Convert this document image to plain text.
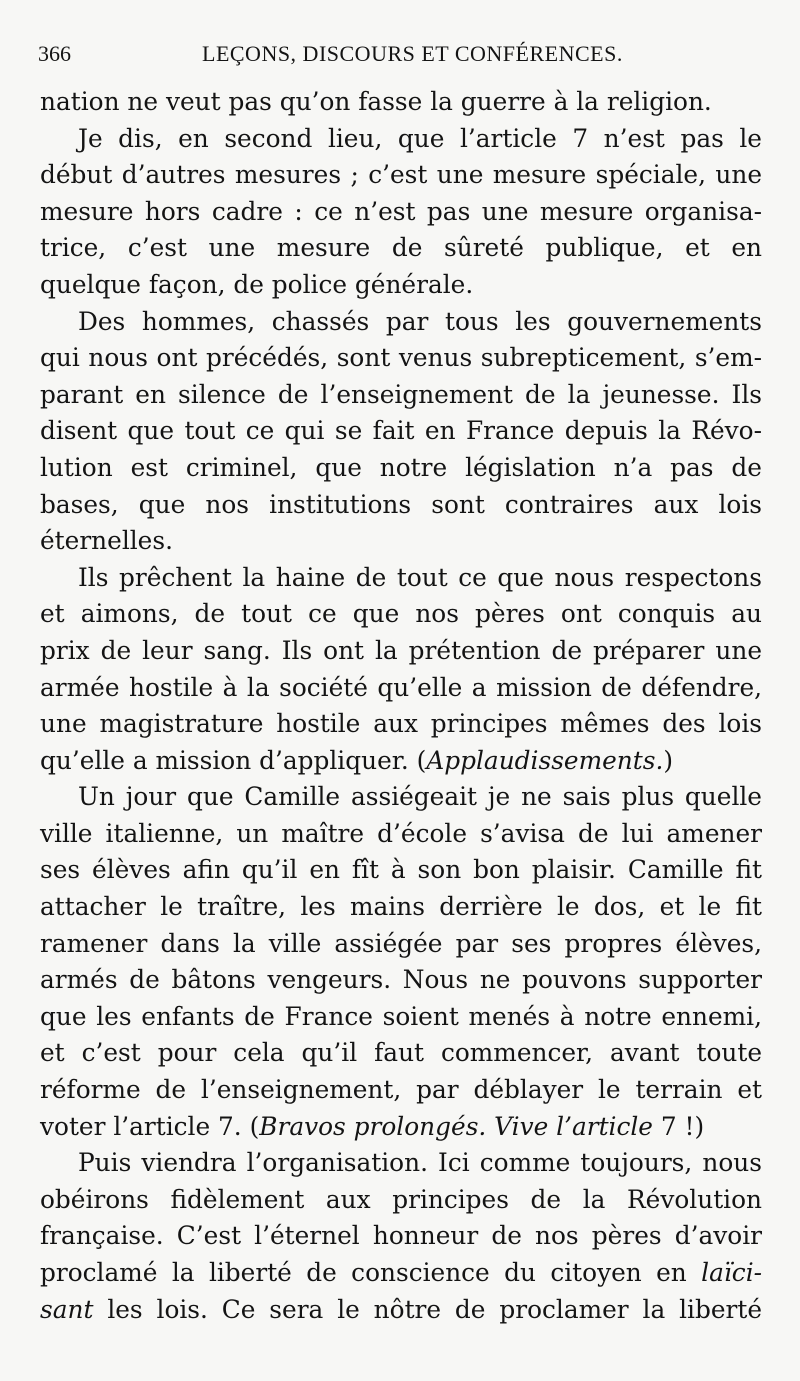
366	LEÇONS, DISCOURS ET CONFÉRENCES.

nation ne veut pas qu’on fasse la guerre à la religion.

Je dis, en second lieu, que l’article 7 n’est pas le
début d’autres mesures ; c’est une mesure spéciale, une
mesure hors cadre : ce n’est pas une mesure organisa-
trice, c’est une mesure de sûreté publique, et en
quelque façon, de police générale.

Des hommes, chassés par tous les gouvernements
qui nous ont précédés, sont venus subrepticement, s’em-
parant en silence de l’enseignement de la jeunesse. Ils
disent que tout ce qui se fait en France depuis la Révo-
lution est criminel, que notre législation n’a pas de
bases, que nos institutions sont contraires aux lois
éternelles.

Ils prêchent la haine de tout ce que nous respectons
et aimons, de tout ce que nos pères ont conquis au
prix de leur sang. Ils ont la prétention de préparer une
armée hostile à la société qu’elle a mission de défendre,
une magistrature hostile aux principes mêmes des lois
qu’elle a mission d’appliquer. (Applaudissements.)

Un jour que Camille assiégeait je ne sais plus quelle
ville italienne, un maître d’école s’avisa de lui amener
ses élèves afin qu’il en fît à son bon plaisir. Camille fit
attacher le traître, les mains derrière le dos, et le fit
ramener dans la ville assiégée par ses propres élèves,
armés de bâtons vengeurs. Nous ne pouvons supporter
que les enfants de France soient menés à notre ennemi,
et c’est pour cela qu’il faut commencer, avant toute
réforme de l’enseignement, par déblayer le terrain et
voter l’article 7. (Bravos prolongés. Vive l’article 7 !)

Puis viendra l’organisation. Ici comme toujours, nous
obéirons fidèlement aux principes de la Révolution
française. C’est l’éternel honneur de nos pères d’avoir
proclamé la liberté de conscience du citoyen en laïci-
sant les lois. Ce sera le nôtre de proclamer la liberté
